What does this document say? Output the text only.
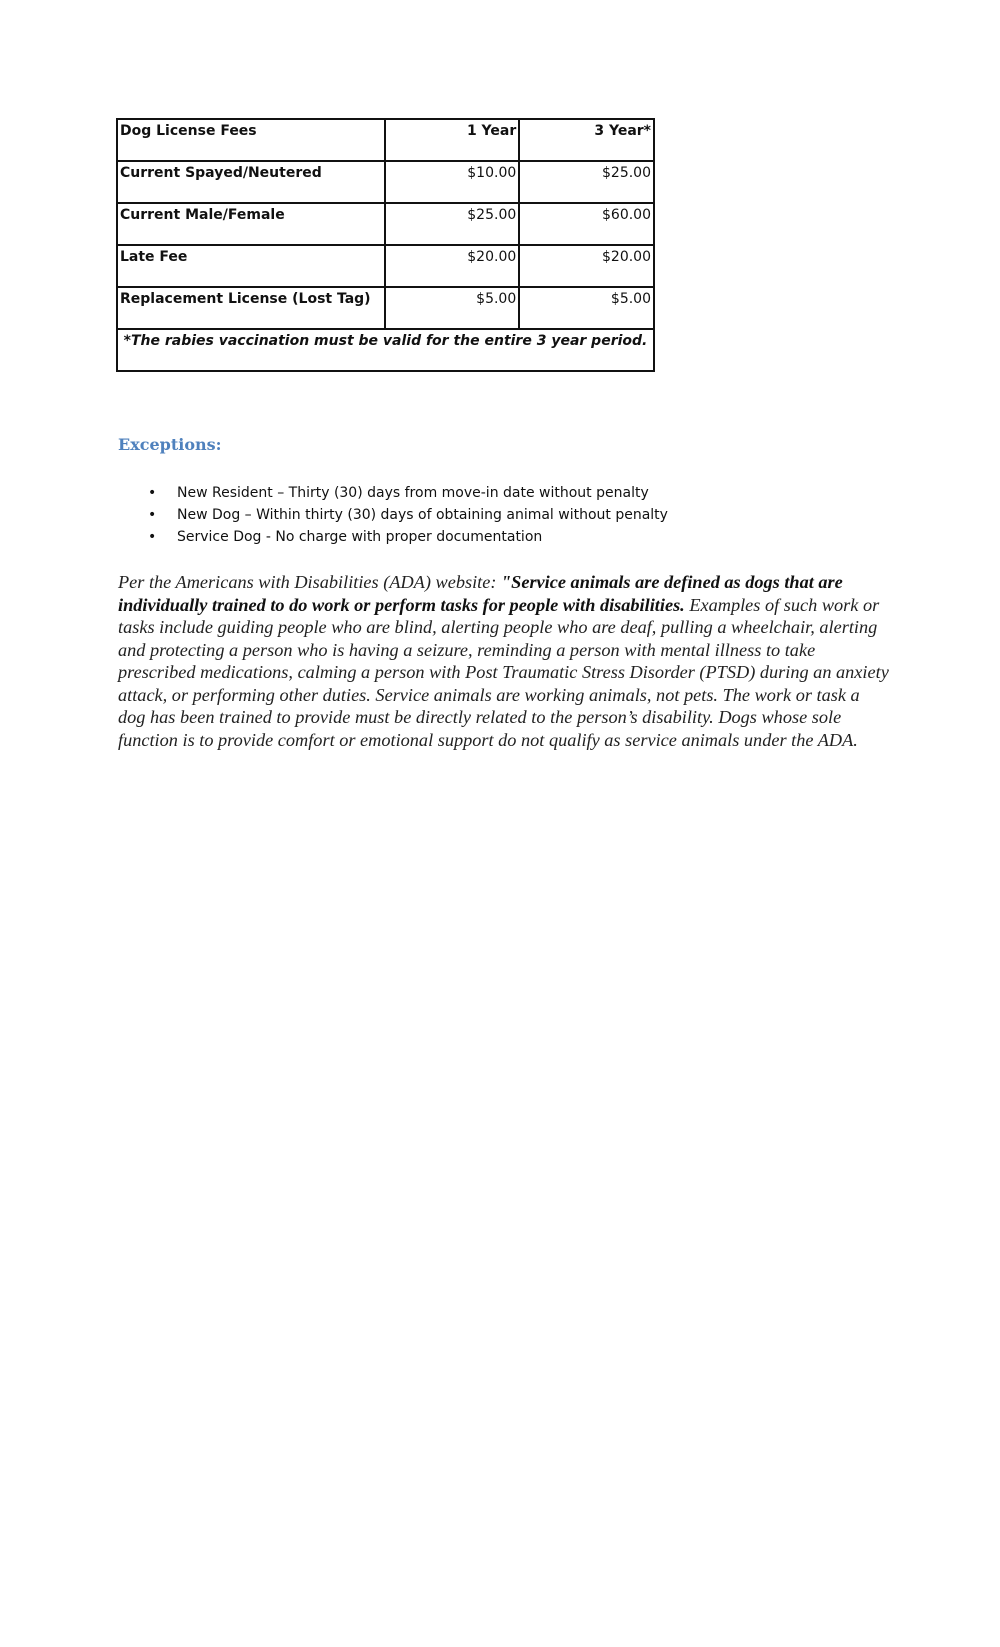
Dog License Fees	1 Year	3 Year*
Current Spayed/Neutered	$10.00	$25.00
Current Male/Female	$25.00	$60.00
Late Fee	$20.00	$20.00
Replacement License (Lost Tag)	$5.00	$5.00
*The rabies vaccination must be valid for the entire 3 year period.		
Exceptions:
• New Resident – Thirty (30) days from move-in date without penalty
• New Dog – Within thirty (30) days of obtaining animal without penalty
• Service Dog - No charge with proper documentation

Per the Americans with Disabilities (ADA) website: "Service animals are defined as dogs that are individually trained to do work or perform tasks for people with disabilities. Examples of such work or tasks include guiding people who are blind, alerting people who are deaf, pulling a wheelchair, alerting and protecting a person who is having a seizure, reminding a person with mental illness to take prescribed medications, calming a person with Post Traumatic Stress Disorder (PTSD) during an anxiety attack, or performing other duties. Service animals are working animals, not pets. The work or task a dog has been trained to provide must be directly related to the person’s disability. Dogs whose sole function is to provide comfort or emotional support do not qualify as service animals under the ADA.
